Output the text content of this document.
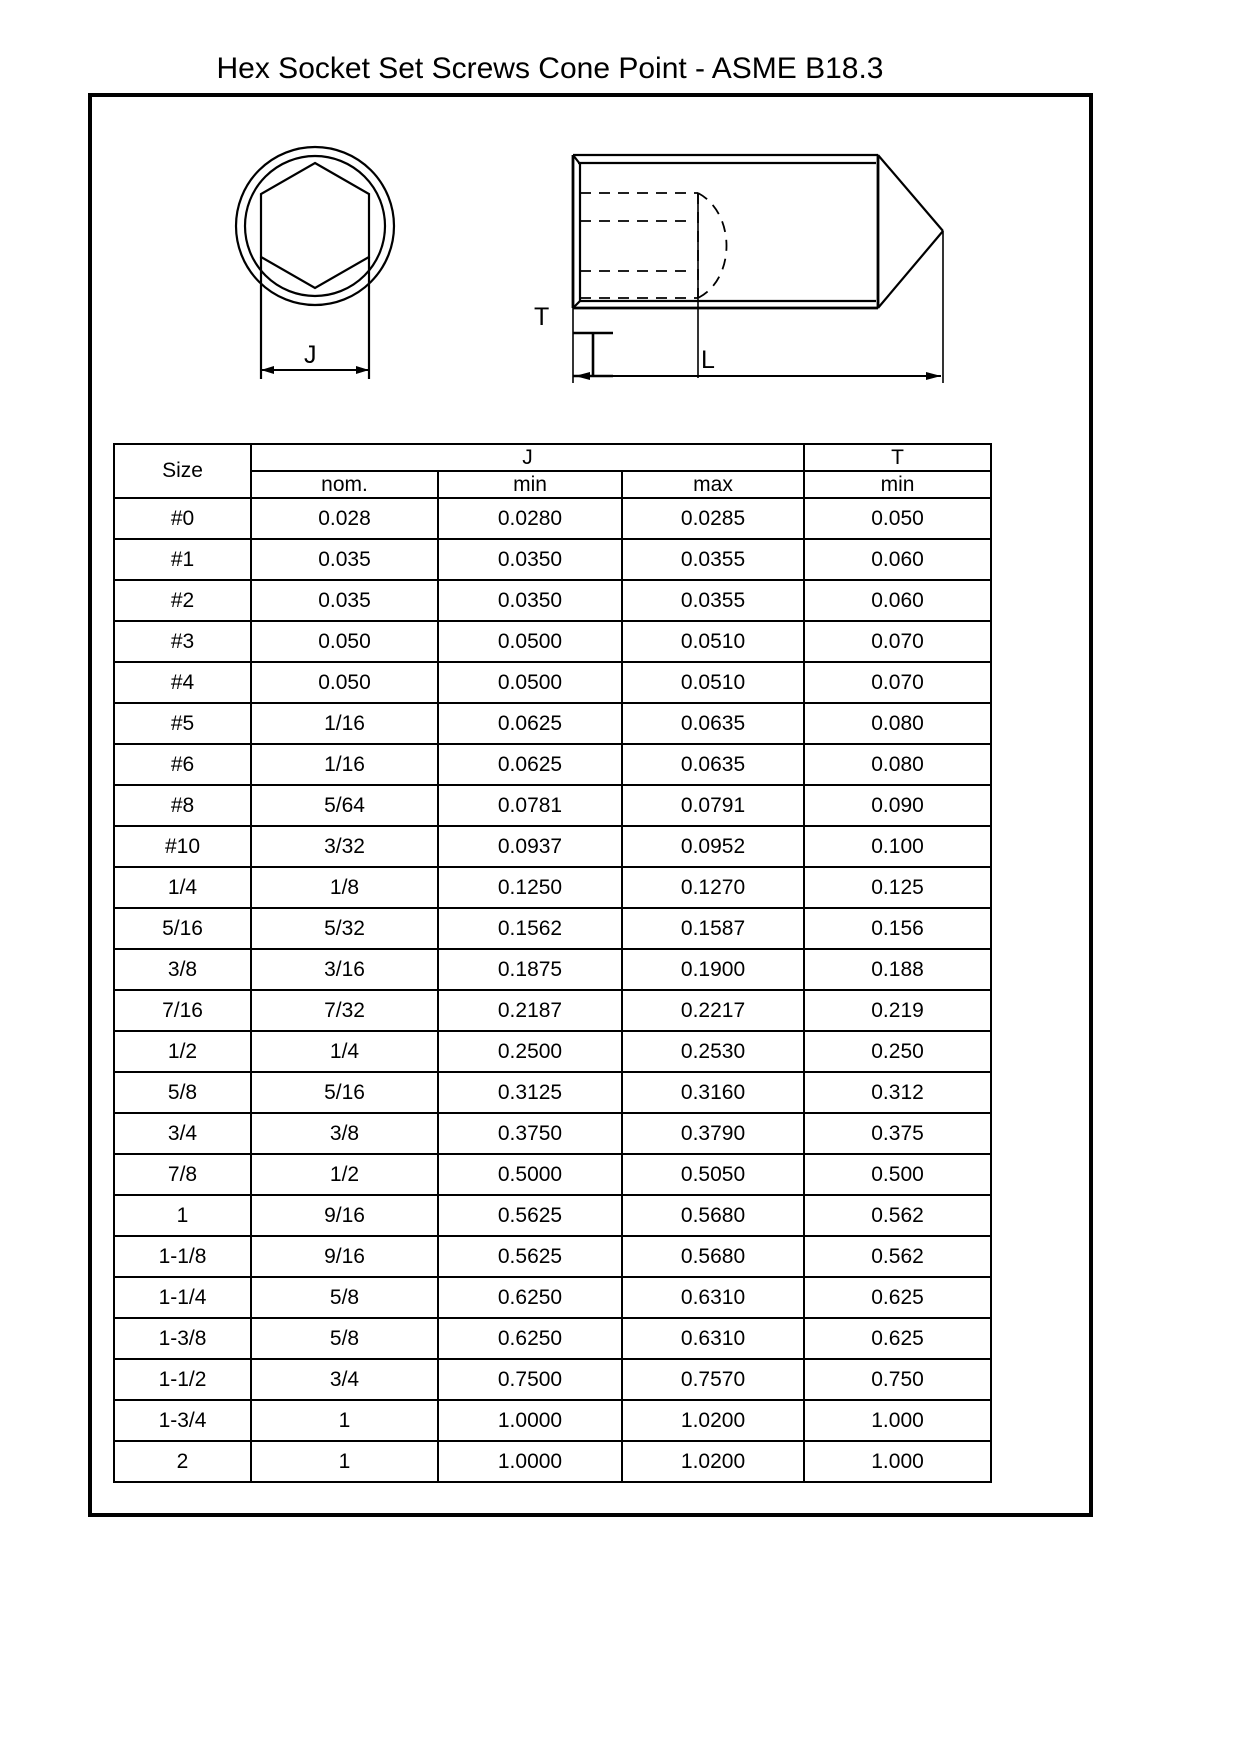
Hex Socket Set Screws Cone Point - ASME B18.3
J
T
L
Size	J			T
	nom.	min	max	min
#0	0.028	0.0280	0.0285	0.050
#1	0.035	0.0350	0.0355	0.060
#2	0.035	0.0350	0.0355	0.060
#3	0.050	0.0500	0.0510	0.070
#4	0.050	0.0500	0.0510	0.070
#5	1/16	0.0625	0.0635	0.080
#6	1/16	0.0625	0.0635	0.080
#8	5/64	0.0781	0.0791	0.090
#10	3/32	0.0937	0.0952	0.100
1/4	1/8	0.1250	0.1270	0.125
5/16	5/32	0.1562	0.1587	0.156
3/8	3/16	0.1875	0.1900	0.188
7/16	7/32	0.2187	0.2217	0.219
1/2	1/4	0.2500	0.2530	0.250
5/8	5/16	0.3125	0.3160	0.312
3/4	3/8	0.3750	0.3790	0.375
7/8	1/2	0.5000	0.5050	0.500
1	9/16	0.5625	0.5680	0.562
1-1/8	9/16	0.5625	0.5680	0.562
1-1/4	5/8	0.6250	0.6310	0.625
1-3/8	5/8	0.6250	0.6310	0.625
1-1/2	3/4	0.7500	0.7570	0.750
1-3/4	1	1.0000	1.0200	1.000
2	1	1.0000	1.0200	1.000
